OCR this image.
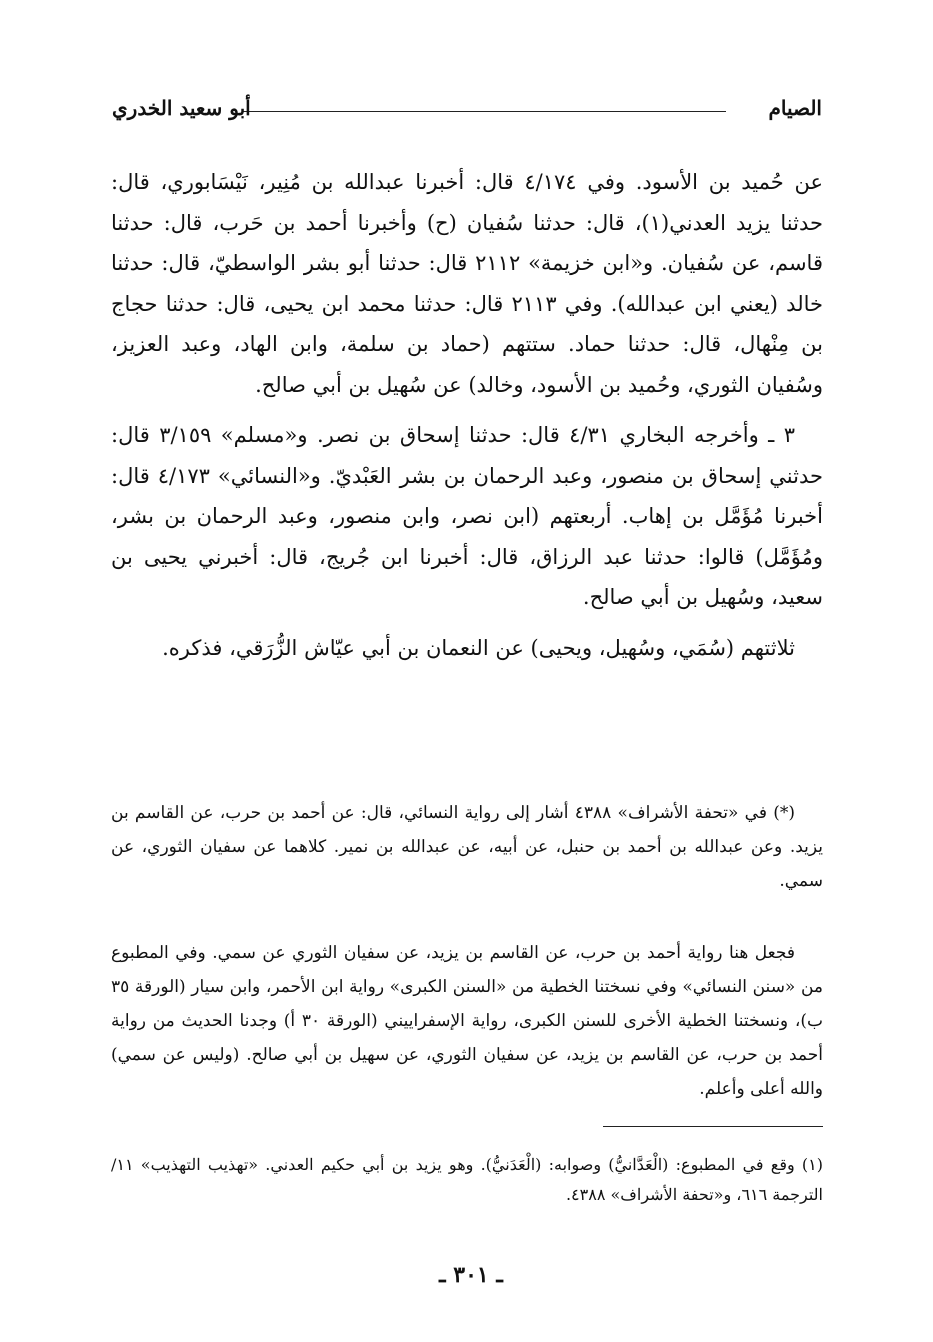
الصيام
أبو سعيد الخدري

عن حُميد بن الأسود. وفي ٤/١٧٤ قال: أخبرنا عبدالله بن مُنِير، نَيْسَابوري، قال: حدثنا يزيد العدني(١)، قال: حدثنا سُفيان (ح) وأخبرنا أحمد بن حَرب، قال: حدثنا قاسم، عن سُفيان. و«ابن خزيمة» ٢١١٢ قال: حدثنا أبو بشر الواسطيّ، قال: حدثنا خالد (يعني ابن عبدالله). وفي ٢١١٣ قال: حدثنا محمد ابن يحيى، قال: حدثنا حجاج بن مِنْهال، قال: حدثنا حماد. ستتهم (حماد بن سلمة، وابن الهاد، وعبد العزيز، وسُفيان الثوري، وحُميد بن الأسود، وخالد) عن سُهيل بن أبي صالح.

٣ ـ وأخرجه البخاري ٤/٣١ قال: حدثنا إسحاق بن نصر. و«مسلم» ٣/١٥٩ قال: حدثني إسحاق بن منصور، وعبد الرحمان بن بشر العَبْديّ. و«النسائي» ٤/١٧٣ قال: أخبرنا مُؤَمَّل بن إهاب. أربعتهم (ابن نصر، وابن منصور، وعبد الرحمان بن بشر، ومُؤَمَّل) قالوا: حدثنا عبد الرزاق، قال: أخبرنا ابن جُريج، قال: أخبرني يحيى بن سعيد، وسُهيل بن أبي صالح.

ثلاثتهم (سُمَي، وسُهيل، ويحيى) عن النعمان بن أبي عيّاش الزُّرَقي، فذكره.

(*) في «تحفة الأشراف» ٤٣٨٨ أشار إلى رواية النسائي، قال: عن أحمد بن حرب، عن القاسم بن يزيد. وعن عبدالله بن أحمد بن حنبل، عن أبيه، عن عبدالله بن نمير. كلاهما عن سفيان الثوري، عن سمي.

فجعل هنا رواية أحمد بن حرب، عن القاسم بن يزيد، عن سفيان الثوري عن سمي. وفي المطبوع من «سنن النسائي» وفي نسختنا الخطية من «السنن الكبرى» رواية ابن الأحمر، وابن سيار (الورقة ٣٥ ب)، ونسختنا الخطية الأخرى للسنن الكبرى، رواية الإسفراييني (الورقة ٣٠ أ) وجدنا الحديث من رواية أحمد بن حرب، عن القاسم بن يزيد، عن سفيان الثوري، عن سهيل بن أبي صالح. (وليس عن سمي) والله أعلى وأعلم.

(١) وقع في المطبوع: (الْعَدَّانيُّ) وصوابه: (الْعَدَنيُّ). وهو يزيد بن أبي حكيم العدني. «تهذيب التهذيب» ١١/ الترجمة ٦١٦، و«تحفة الأشراف» ٤٣٨٨.

ـ ٣٠١ ـ
